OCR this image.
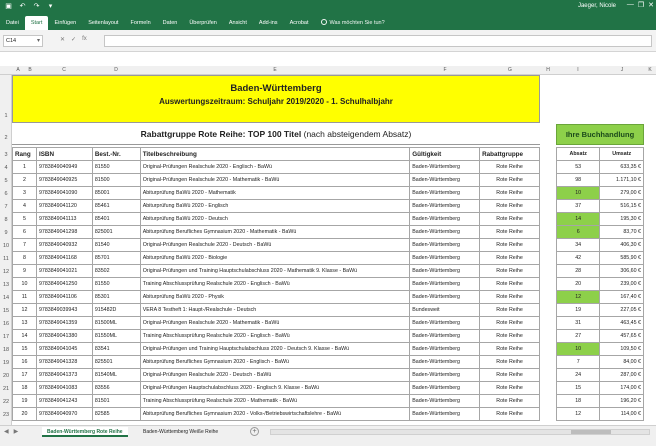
▣ ↶ ↷	▾	Jaeger, Nicole — ❐ ✕
Datei	Start	Einfügen	Seitenlayout	Formeln	Daten	Überprüfen	Ansicht	Add-ins	Acrobat	Was möchten Sie tun?
C14 ▾	✕ ✓ fx
A	B	C	D	E	F	G	H	I	J	K
1
2
3
4
5
6
7
8
9
10
11
12
13
14
15
16
17
18
19
20
21
22
23
Baden-Württemberg
Auswertungszeitraum: Schuljahr 2019/2020 - 1. Schulhalbjahr
Rabattgruppe Rote Reihe: TOP 100 Titel (nach absteigendem Absatz)	Ihre Buchhandlung
Rang	ISBN	Best.-Nr.	Titelbeschreibung	Gültigkeit	Rabattgruppe
1	9783849040949	81550	Original-Prüfungen Realschule 2020 - Englisch - BaWü	Baden-Württemberg	Rote Reihe
2	9783849040925	81500	Original-Prüfungen Realschule 2020 - Mathematik - BaWü	Baden-Württemberg	Rote Reihe
3	9783849041090	85001	Abiturprüfung BaWü 2020 - Mathematik	Baden-Württemberg	Rote Reihe
4	9783849041120	85461	Abiturprüfung BaWü 2020 - Englisch	Baden-Württemberg	Rote Reihe
5	9783849041113	85401	Abiturprüfung BaWü 2020 - Deutsch	Baden-Württemberg	Rote Reihe
6	9783849041298	825001	Abiturprüfung Berufliches Gymnasium 2020 - Mathematik - BaWü	Baden-Württemberg	Rote Reihe
7	9783849040932	81540	Original-Prüfungen Realschule 2020 - Deutsch - BaWü	Baden-Württemberg	Rote Reihe
8	9783849041168	85701	Abiturprüfung BaWü 2020 - Biologie	Baden-Württemberg	Rote Reihe
9	9783849041021	83502	Original-Prüfungen und Training Hauptschulabschluss 2020 - Mathematik 9. Klasse - BaWü	Baden-Württemberg	Rote Reihe
10	9783849041250	81550	Training Abschlussprüfung Realschule 2020 - Englisch - BaWü	Baden-Württemberg	Rote Reihe
11	9783849041106	85301	Abiturprüfung BaWü 2020 - Physik	Baden-Württemberg	Rote Reihe
12	9783849039943	915482D	VERA 8 Testheft 1: Haupt-/Realschule - Deutsch	Bundesweit	Rote Reihe
13	9783849041359	81500ML	Original-Prüfungen Realschule 2020 - Mathematik - BaWü	Baden-Württemberg	Rote Reihe
14	9783849041380	81550ML	Training Abschlussprüfung Realschule 2020 - Englisch - BaWü	Baden-Württemberg	Rote Reihe
15	9783849041045	83541	Original-Prüfungen und Training Hauptschulabschluss 2020 - Deutsch 9. Klasse - BaWü	Baden-Württemberg	Rote Reihe
16	9783849041328	825501	Abiturprüfung Berufliches Gymnasium 2020 - Englisch - BaWü	Baden-Württemberg	Rote Reihe
17	9783849041373	81540ML	Original-Prüfungen Realschule 2020 - Deutsch - BaWü	Baden-Württemberg	Rote Reihe
18	9783849041083	83556	Original-Prüfungen Hauptschulabschluss 2020 - Englisch 9. Klasse - BaWü	Baden-Württemberg	Rote Reihe
19	9783849041243	81501	Training Abschlussprüfung Realschule 2020 - Mathematik - BaWü	Baden-Württemberg	Rote Reihe
20	9783849040970	82585	Abiturprüfung Berufliches Gymnasium 2020 - Volks-/Betriebswirtschaftslehre - BaWü	Baden-Württemberg	Rote Reihe
Absatz	Umsatz
53	633,35 €
98	1.171,10 €
10	279,00 €
37	516,15 €
14	195,30 €
6	83,70 €
34	406,30 €
42	585,90 €
28	306,60 €
20	239,00 €
12	167,40 €
19	227,05 €
31	463,45 €
27	457,65 €
10	109,50 €
7	84,00 €
24	287,00 €
15	174,00 €
18	196,20 €
12	114,00 €
◀ ▶	Baden-Württemberg Rote Reihe	Baden-Württemberg Weiße Reihe	+
